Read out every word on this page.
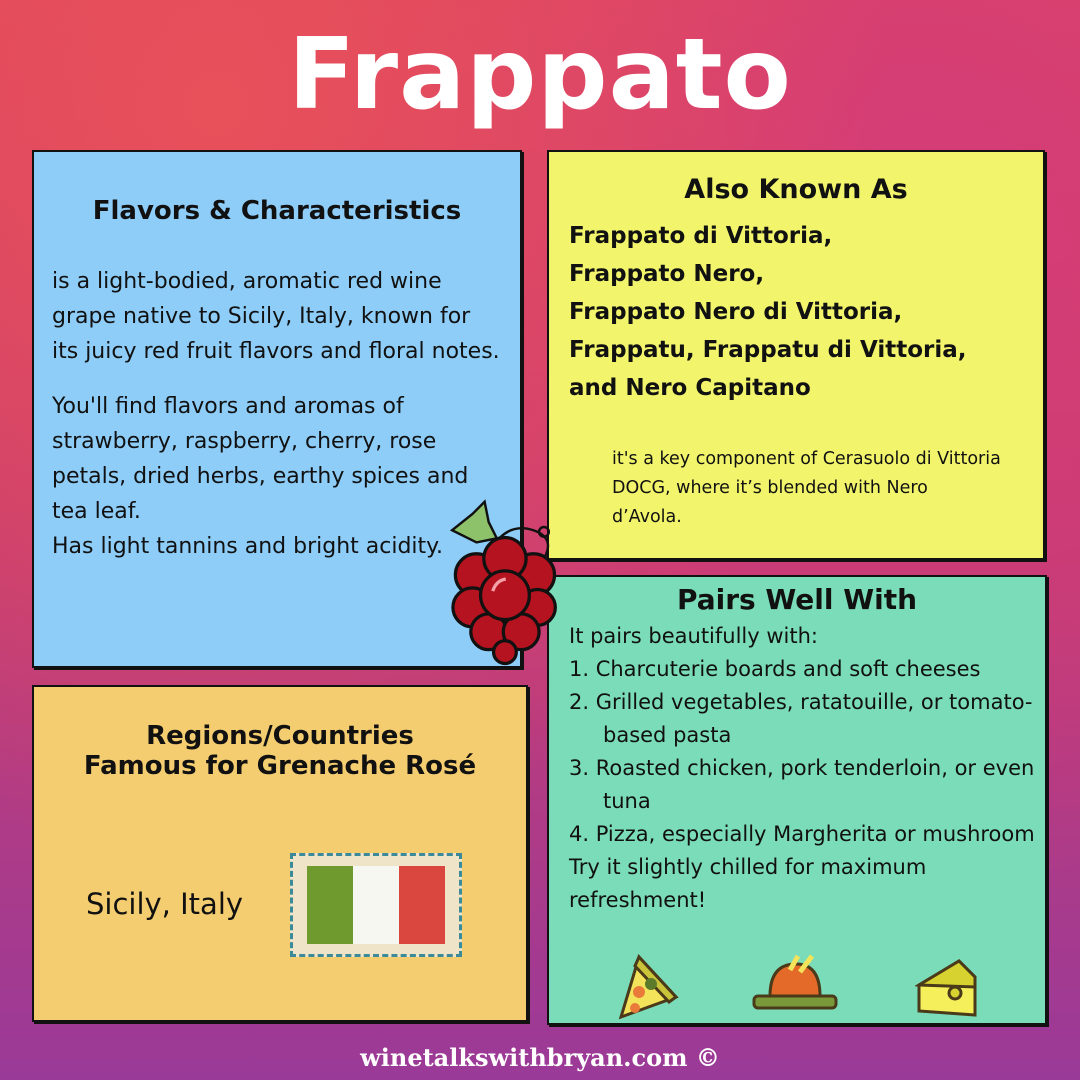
Frappato
Flavors & Characteristics
is a light-bodied, aromatic red wine grape native to Sicily, Italy, known for its juicy red fruit flavors and floral notes.
You'll find flavors and aromas of strawberry, raspberry, cherry, rose petals, dried herbs, earthy spices and tea leaf.
Has light tannins and bright acidity.
Also Known As
Frappato di Vittoria,
Frappato Nero,
Frappato Nero di Vittoria,
Frappatu, Frappatu di Vittoria,
and Nero Capitano
it's a key component of Cerasuolo di Vittoria DOCG, where it’s blended with Nero d’Avola.
Regions/Countries
Famous for Grenache Rosé
Sicily, Italy
Pairs Well With
It pairs beautifully with:
1. Charcuterie boards and soft cheeses
2. Grilled vegetables, ratatouille, or tomato-based pasta
3. Roasted chicken, pork tenderloin, or even tuna
4. Pizza, especially Margherita or mushroom
Try it slightly chilled for maximum refreshment!
winetalkswithbryan.com ©
